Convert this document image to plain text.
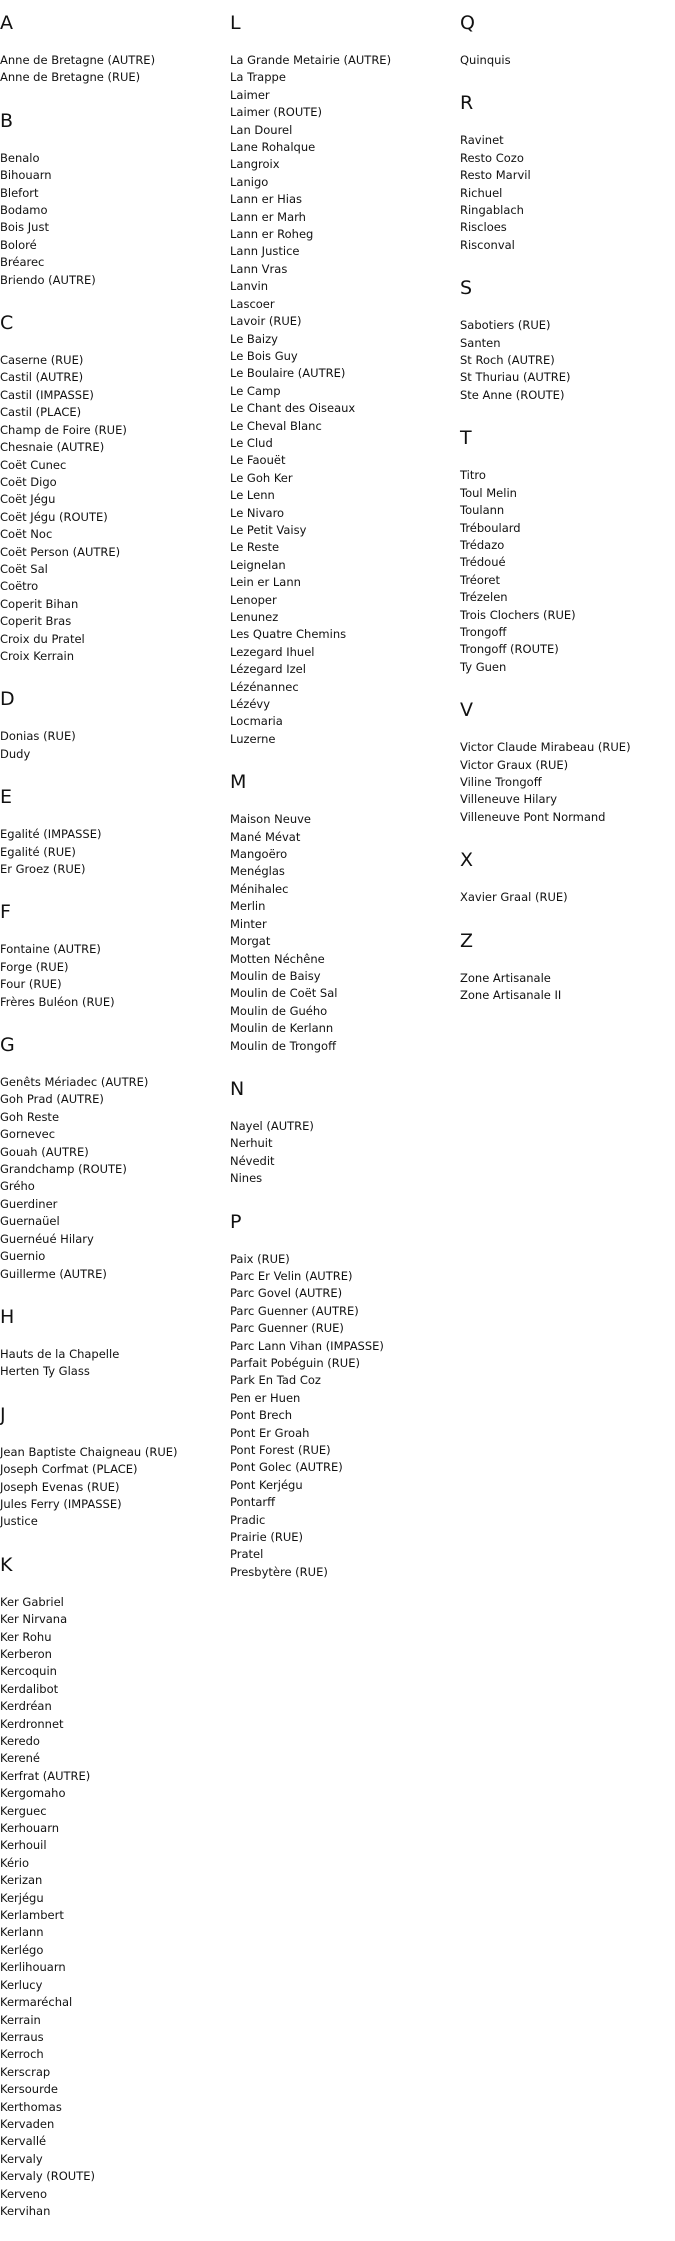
A
Anne de Bretagne (AUTRE)
Anne de Bretagne (RUE)
B
Benalo
Bihouarn
Blefort
Bodamo
Bois Just
Boloré
Bréarec
Briendo (AUTRE)
C
Caserne (RUE)
Castil (AUTRE)
Castil (IMPASSE)
Castil (PLACE)
Champ de Foire (RUE)
Chesnaie (AUTRE)
Coët Cunec
Coët Digo
Coët Jégu
Coët Jégu (ROUTE)
Coët Noc
Coët Person (AUTRE)
Coët Sal
Coëtro
Coperit Bihan
Coperit Bras
Croix du Pratel
Croix Kerrain
D
Donias (RUE)
Dudy
E
Egalité (IMPASSE)
Egalité (RUE)
Er Groez (RUE)
F
Fontaine (AUTRE)
Forge (RUE)
Four (RUE)
Frères Buléon (RUE)
G
Genêts Mériadec (AUTRE)
Goh Prad (AUTRE)
Goh Reste
Gornevec
Gouah (AUTRE)
Grandchamp (ROUTE)
Grého
Guerdiner
Guernaüel
Guernéué Hilary
Guernio
Guillerme (AUTRE)
H
Hauts de la Chapelle
Herten Ty Glass
J
Jean Baptiste Chaigneau (RUE)
Joseph Corfmat (PLACE)
Joseph Evenas (RUE)
Jules Ferry (IMPASSE)
Justice
K
Ker Gabriel
Ker Nirvana
Ker Rohu
Kerberon
Kercoquin
Kerdalibot
Kerdréan
Kerdronnet
Keredo
Kerené
Kerfrat (AUTRE)
Kergomaho
Kerguec
Kerhouarn
Kerhouil
Kério
Kerizan
Kerjégu
Kerlambert
Kerlann
Kerlégo
Kerlihouarn
Kerlucy
Kermaréchal
Kerrain
Kerraus
Kerroch
Kerscrap
Kersourde
Kerthomas
Kervaden
Kervallé
Kervaly
Kervaly (ROUTE)
Kerveno
Kervihan
L
La Grande Metairie (AUTRE)
La Trappe
Laimer
Laimer (ROUTE)
Lan Dourel
Lane Rohalque
Langroix
Lanigo
Lann er Hias
Lann er Marh
Lann er Roheg
Lann Justice
Lann Vras
Lanvin
Lascoer
Lavoir (RUE)
Le Baizy
Le Bois Guy
Le Boulaire (AUTRE)
Le Camp
Le Chant des Oiseaux
Le Cheval Blanc
Le Clud
Le Faouët
Le Goh Ker
Le Lenn
Le Nivaro
Le Petit Vaisy
Le Reste
Leignelan
Lein er Lann
Lenoper
Lenunez
Les Quatre Chemins
Lezegard Ihuel
Lézegard Izel
Lézénannec
Lézévy
Locmaria
Luzerne
M
Maison Neuve
Mané Mévat
Mangoëro
Menéglas
Ménihalec
Merlin
Minter
Morgat
Motten Néchêne
Moulin de Baisy
Moulin de Coët Sal
Moulin de Guého
Moulin de Kerlann
Moulin de Trongoff
N
Nayel (AUTRE)
Nerhuit
Névedit
Nines
P
Paix (RUE)
Parc Er Velin (AUTRE)
Parc Govel (AUTRE)
Parc Guenner (AUTRE)
Parc Guenner (RUE)
Parc Lann Vihan (IMPASSE)
Parfait Pobéguin (RUE)
Park En Tad Coz
Pen er Huen
Pont Brech
Pont Er Groah
Pont Forest (RUE)
Pont Golec (AUTRE)
Pont Kerjégu
Pontarff
Pradic
Prairie (RUE)
Pratel
Presbytère (RUE)
Q
Quinquis
R
Ravinet
Resto Cozo
Resto Marvil
Richuel
Ringablach
Riscloes
Risconval
S
Sabotiers (RUE)
Santen
St Roch (AUTRE)
St Thuriau (AUTRE)
Ste Anne (ROUTE)
T
Titro
Toul Melin
Toulann
Tréboulard
Trédazo
Trédoué
Tréoret
Trézelen
Trois Clochers (RUE)
Trongoff
Trongoff (ROUTE)
Ty Guen
V
Victor Claude Mirabeau (RUE)
Victor Graux (RUE)
Viline Trongoff
Villeneuve Hilary
Villeneuve Pont Normand
X
Xavier Graal (RUE)
Z
Zone Artisanale
Zone Artisanale II
